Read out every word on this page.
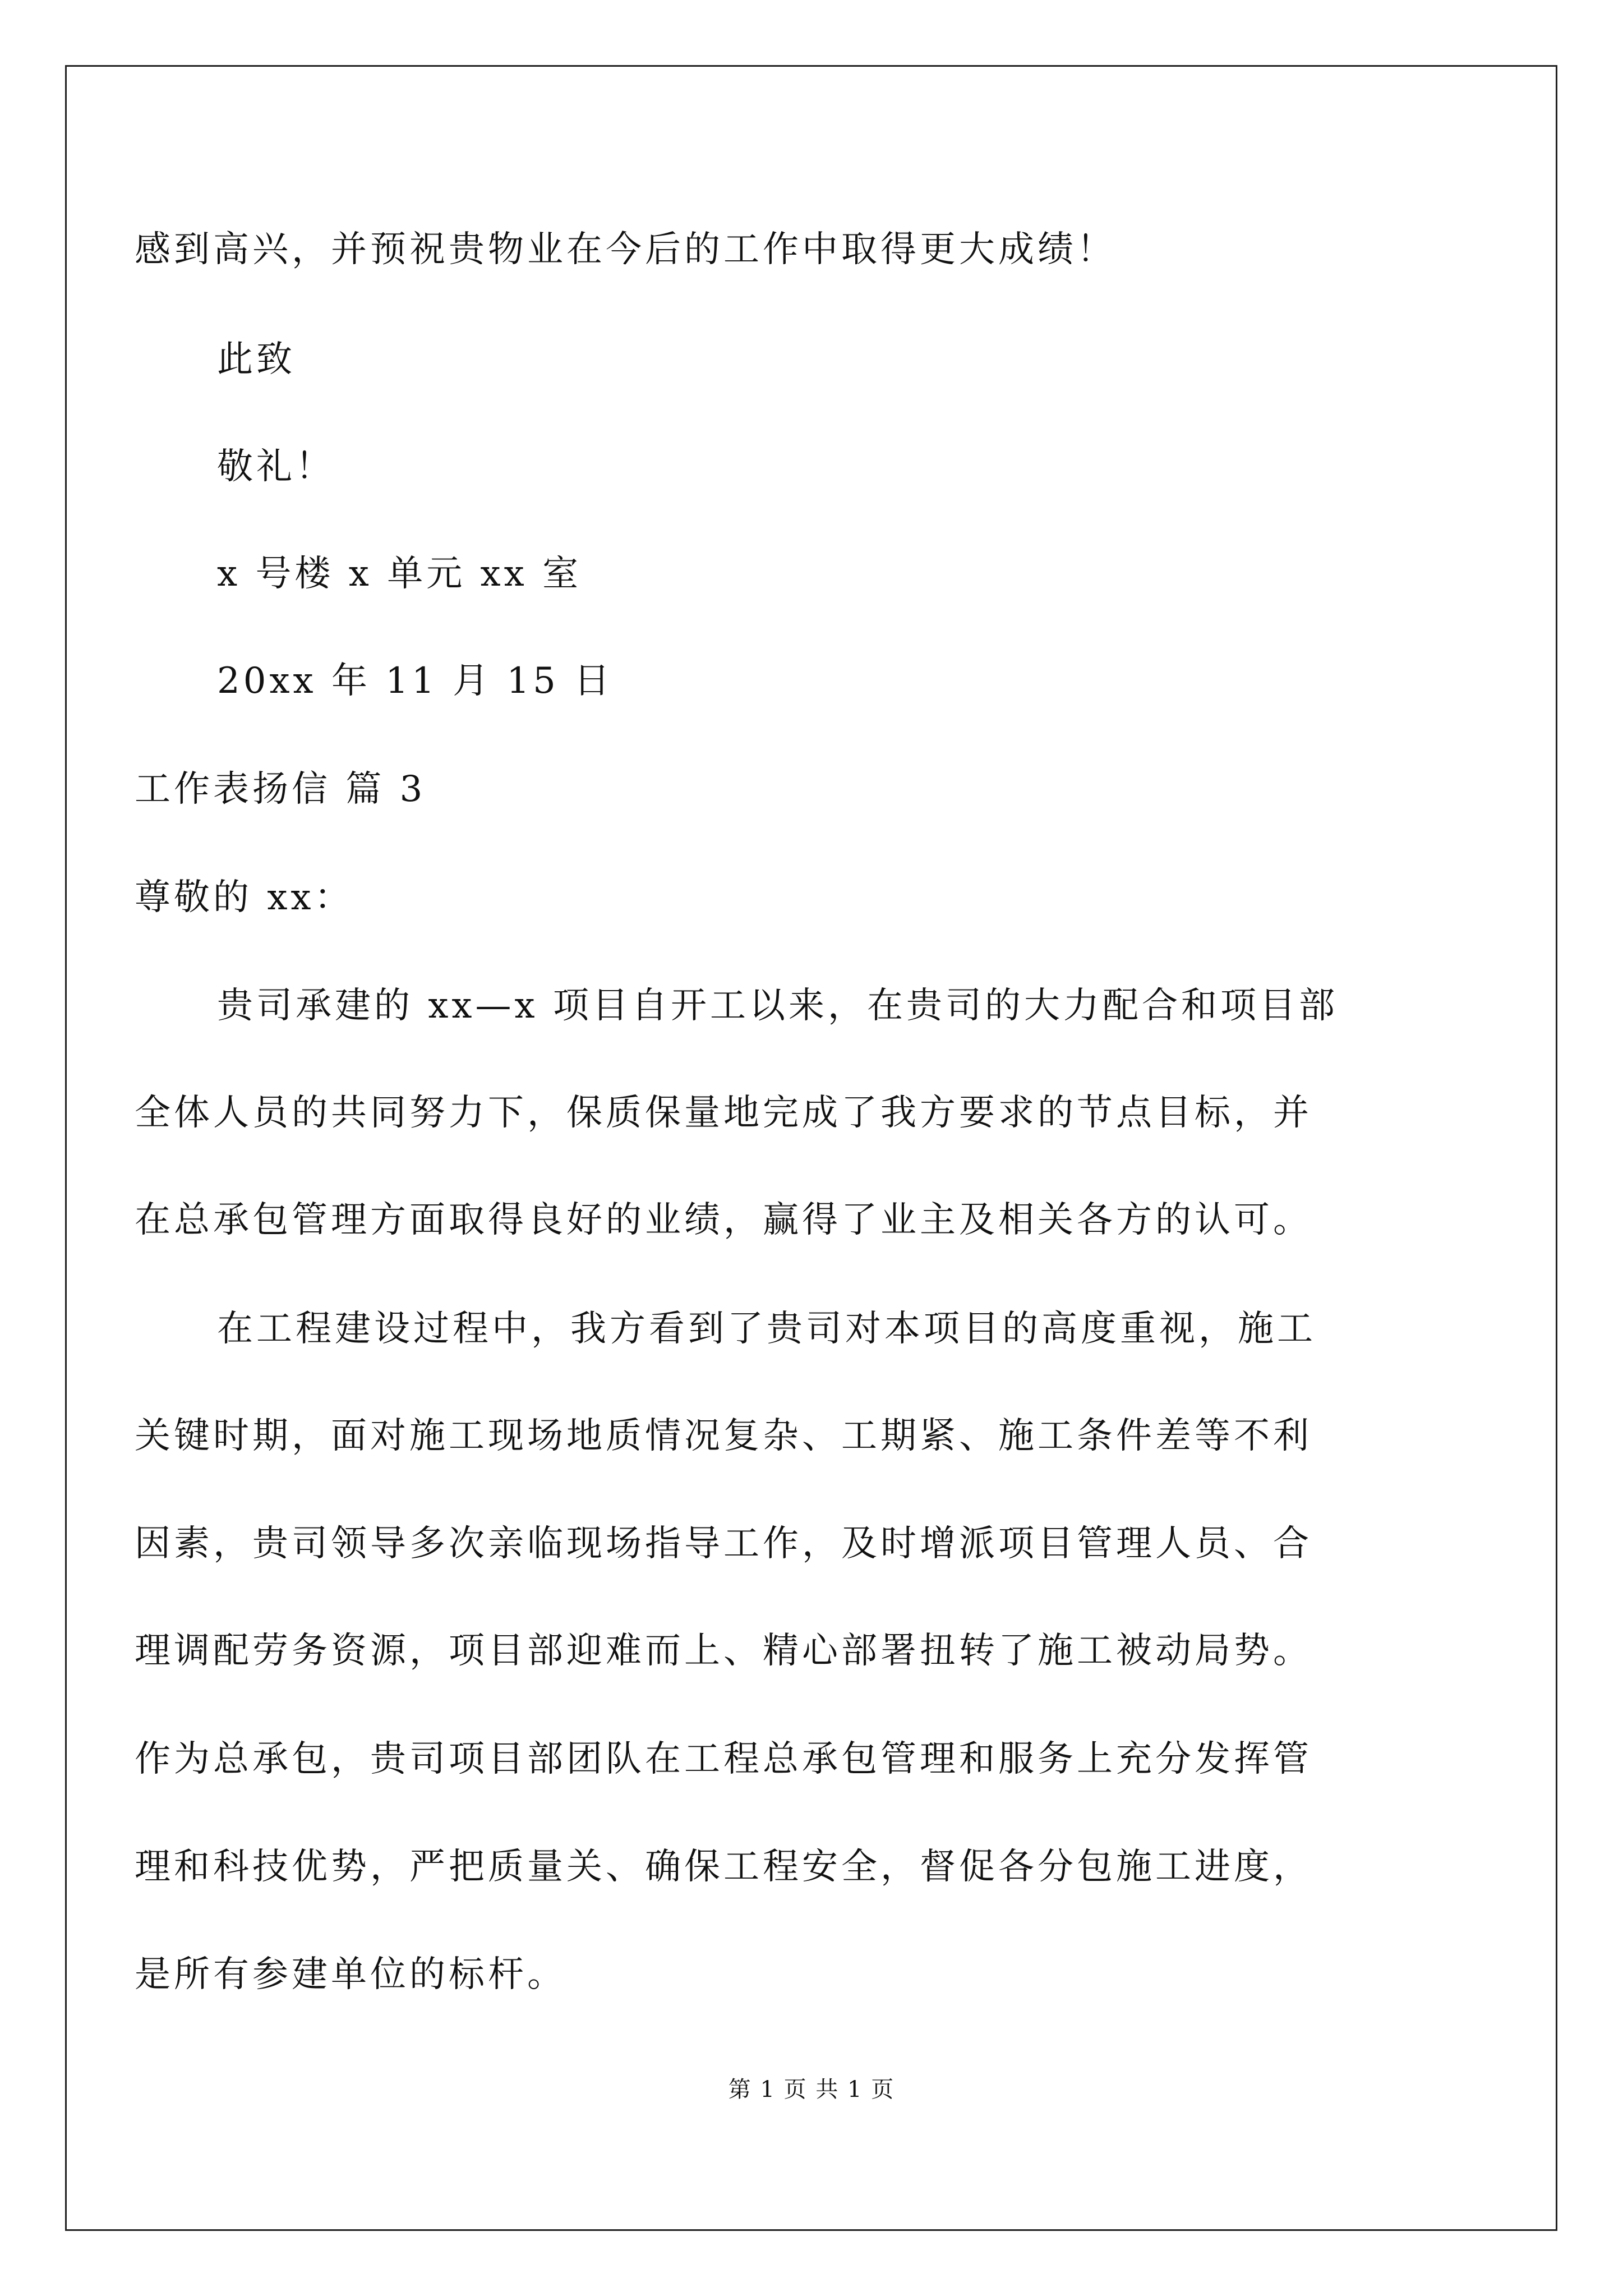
感到高兴，并预祝贵物业在今后的工作中取得更大成绩！
此致
敬礼！
x 号楼 x 单元 xx 室
20xx 年 11 月 15 日
工作表扬信 篇 3
尊敬的 xx：
贵司承建的 xx—x 项目自开工以来，在贵司的大力配合和项目部
全体人员的共同努力下，保质保量地完成了我方要求的节点目标，并
在总承包管理方面取得良好的业绩，赢得了业主及相关各方的认可。
在工程建设过程中，我方看到了贵司对本项目的高度重视，施工
关键时期，面对施工现场地质情况复杂、工期紧、施工条件差等不利
因素，贵司领导多次亲临现场指导工作，及时增派项目管理人员、合
理调配劳务资源，项目部迎难而上、精心部署扭转了施工被动局势。
作为总承包，贵司项目部团队在工程总承包管理和服务上充分发挥管
理和科技优势，严把质量关、确保工程安全，督促各分包施工进度，
是所有参建单位的标杆。
第 1 页 共 1 页
